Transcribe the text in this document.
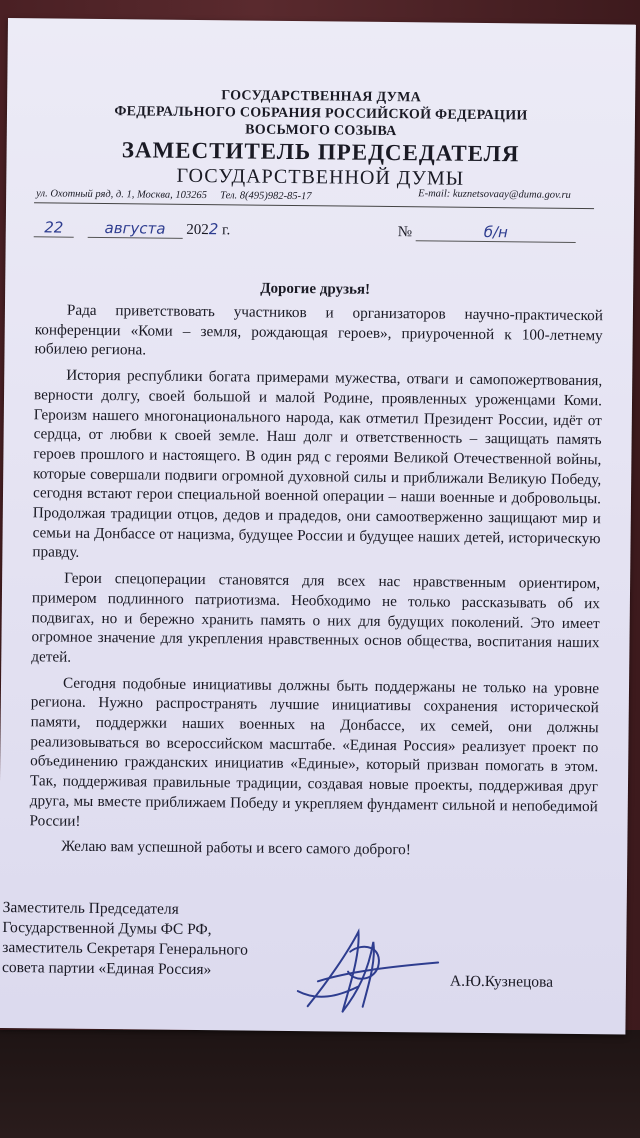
ГОСУДАРСТВЕННАЯ ДУМА
ФЕДЕРАЛЬНОГО СОБРАНИЯ РОССИЙСКОЙ ФЕДЕРАЦИИ
ВОСЬМОГО СОЗЫВА
ЗАМЕСТИТЕЛЬ ПРЕДСЕДАТЕЛЯ
ГОСУДАРСТВЕННОЙ ДУМЫ
ул. Охотный ряд, д. 1, Москва, 103265 Тел. 8(495)982-85-17	E-mail: kuznetsovaay@duma.gov.ru
22	августа 2022 г.	№	б/н
Дорогие друзья!

Рада приветствовать участников и организаторов научно-практической конференции «Коми – земля, рождающая героев», приуроченной к 100-летнему юбилею региона.

История республики богата примерами мужества, отваги и самопожертвования, верности долгу, своей большой и малой Родине, проявленных уроженцами Коми. Героизм нашего многонационального народа, как отметил Президент России, идёт от сердца, от любви к своей земле. Наш долг и ответственность – защищать память героев прошлого и настоящего. В один ряд с героями Великой Отечественной войны, которые совершали подвиги огромной духовной силы и приближали Великую Победу, сегодня встают герои специальной военной операции – наши военные и добровольцы. Продолжая традиции отцов, дедов и прадедов, они самоотверженно защищают мир и семьи на Донбассе от нацизма, будущее России и будущее наших детей, историческую правду.

Герои спецоперации становятся для всех нас нравственным ориентиром, примером подлинного патриотизма. Необходимо не только рассказывать об их подвигах, но и бережно хранить память о них для будущих поколений. Это имеет огромное значение для укрепления нравственных основ общества, воспитания наших детей.

Сегодня подобные инициативы должны быть поддержаны не только на уровне региона. Нужно распространять лучшие инициативы сохранения исторической памяти, поддержки наших военных на Донбассе, их семей, они должны реализовываться во всероссийском масштабе. «Единая Россия» реализует проект по объединению гражданских инициатив «Единые», который призван помогать в этом. Так, поддерживая правильные традиции, создавая новые проекты, поддерживая друг друга, мы вместе приближаем Победу и укрепляем фундамент сильной и непобедимой России!

Желаю вам успешной работы и всего самого доброго!

Заместитель Председателя
Государственной Думы ФС РФ,
заместитель Секретаря Генерального
совета партии «Единая Россия»
А.Ю.Кузнецова
